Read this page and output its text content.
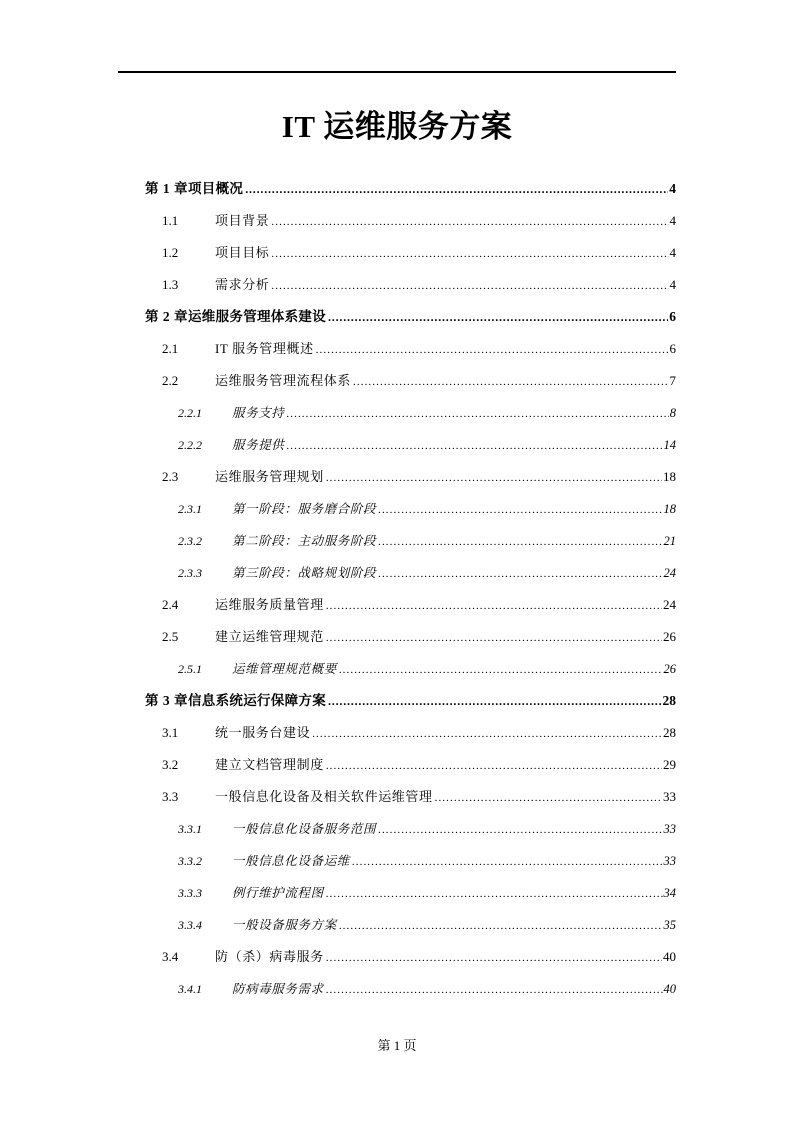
IT 运维服务方案
第 1 章 项目概况 .....	4
1.1	项目背景 .....	4
1.2	项目目标 .....	4
1.3	需求分析 .....	4
第 2 章 运维服务管理体系建设 .....	6
2.1	IT 服务管理概述 .....	6
2.2	运维服务管理流程体系 .....	7
2.2.1	服务支持 .....	8
2.2.2	服务提供 .....	14
2.3	运维服务管理规划 .....	18
2.3.1	第一阶段：服务磨合阶段 .....	18
2.3.2	第二阶段：主动服务阶段 .....	21
2.3.3	第三阶段：战略规划阶段 .....	24
2.4	运维服务质量管理 .....	24
2.5	建立运维管理规范 .....	26
2.5.1	运维管理规范概要 .....	26
第 3 章 信息系统运行保障方案 .....	28
3.1	统一服务台建设 .....	28
3.2	建立文档管理制度 .....	29
3.3	一般信息化设备及相关软件运维管理 .....	33
3.3.1	一般信息化设备服务范围 .....	33
3.3.2	一般信息化设备运维 .....	33
3.3.3	例行维护流程图 .....	34
3.3.4	一般设备服务方案 .....	35
3.4	防（杀）病毒服务 .....	40
3.4.1	防病毒服务需求 .....	40
第 1 页
